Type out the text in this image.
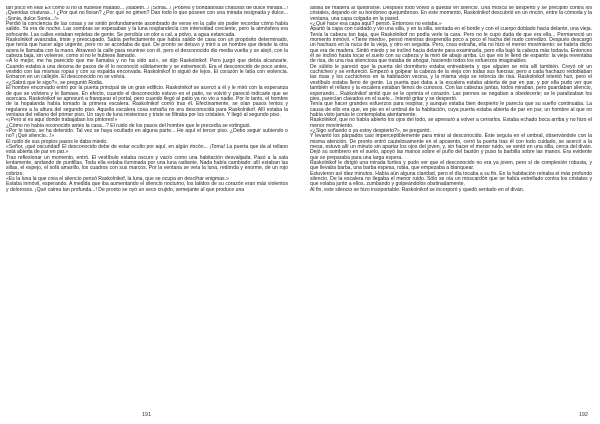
tan poco en ella! Es como si no la hubiese matado... ¡Isabeth...! ¡Sonia...! ¡Pobres y bondadosas criaturas de dulce mirada...! ¡Queridas criaturas...! ¿Por qué no lloran? ¿Por qué no gimen? Dan todo lo que poseen con una mirada resignada y dulce... ¡Sonia, dulce Sonia...!»

Perdió la conciencia de las cosas y se sintió profundamente asombrado de verse en la calle sin poder recordar cómo había salido. Ya era de noche. Las sombras se espesaban y la luna resplandecía con intensidad creciente, pero la atmósfera era sofocante. Las calles estaban repletas de gente. Se percibía un olor a cal, a polvo, a agua estancada.

Raskolnikof avanzaba, triste y preocupado. Sabía perfectamente que había salido de casa con un propósito determinado, que tenía que hacer algo urgente, pero no se acordaba de qué. De pronto se detuvo y miró a un hombre que desde la otra acera le llamaba con la mano. Atravesó la calle para reunirse con él, pero el desconocido dio media vuelta y se alejó, con la cabeza baja, sin volverse, como si no le hubiese llamado.

«A lo mejor, me ha parecido que me llamaba y no ha sido así», se dijo Raskolnikof. Pero juzgó que debía alcanzarle. Cuando estaba a una decena de pasos de él lo reconoció súbitamente y se estremeció. Era el desconocido de poco antes, vestido con las mismas ropas y con su espalda encorvada. Raskolnikof lo siguió de lejos. El corazón le latía con violencia. Entraron en un callejón. El desconocido no se volvía.

«¿Sabrá que le sigo?», se preguntó Rodia.

El hombre encorvado entró por la puerta principal de un gran edificio. Raskolnikof se acercó a él y le miró con la esperanza de que se volviera y le llamase. En efecto, cuando el desconocido estuvo en el patio, se volvió y pareció indicarle que se acercara. Raskolnikof se apresuró a franquear el portal, pero cuando llegó al patio ya no vio a nadie. Por lo tanto, el hombre de la hopalanda había tomado la primera escalera. Raskolnikof corrió tras él. Efectivamente, se oían pasos lentos y regulares a la altura del segundo piso. Aquella escalera cosa extraña no era desconocida para Raskolnikof. Allí estaba la ventana del rellano del primer piso. Un rayo de luna misterioso y triste se filtraba por los cristales. Y llegó al segundo piso.

«¡Pero si es aquí donde trabajaban los pintores!»

¿Cómo no había reconocido antes la casa...? El ruido de los pasos del hombre que le precedía se extinguió.

«Por lo tanto, se ha detenido. Tal vez se haya ocultado en alguna parte... He aquí el tercer piso. ¿Debo seguir subiendo o no? ¡Qué silencio...!»

El ruido de sus propios pasos le daba miedo.

«Señor, ¡qué oscuridad! El desconocido debe de estar oculto por aquí, en algún rincón... ¡Toma! La puerta que da al rellano está abierta de par en par.»

Tras reflexionar un momento, entró. El vestíbulo estaba oscuro y vacío como una habitación desvalijada. Pasó a la sala lentamente, andando de puntillas. Toda ella estaba iluminada por una luna radiante. Nada había cambiado: allí estaban las sillas, el espejo, el sofá amarillo, los cuadros con sus marcos. Por la ventana se veía la luna, redonda y enorme, de un rojo cobrizo.

«Es la luna la que crea el silencio pensó Raskolnikof, la luna, que se ocupa en descifrar enigmas.»

Estaba inmóvil, esperando. A medida que iba aumentando el silencio nocturno, los latidos de su corazón eran más violentos y dolorosos. ¡Qué calma tan profunda...! De pronto se oyó un seco crujido, semejante al que produce una

191

astilla de madera al quebrarse. Después todo volvió a quedar en silencio. Una mosca se despertó y se precipitó contra los cristales, dejando oír su bordoneo quejumbroso. En este momento, Raskolnikof descubrió en un rincón, entre la cómoda y la ventana, una capa colgada en la pared.

«¿Qué hace esa capa aquí? pensó. Entonces no estaba.»

Apartó la capa con cuidado y vio una silla, y en la silla, sentada en el borde y con el cuerpo doblado hacia delante, una vieja. Tenía la cabeza tan baja, que Raskolnikof no podía verle la cara. Pero no le cupo duda de que era ella... Permaneció un momento inmóvil. «Tiene miedo», pensó mientras desprendía poco a poco el hacha del nudo corredizo. Después descargó un hachazo en la nuca de la vieja, y otro en seguida. Pero, cosa extraña, ella no hizo el menor movimiento: se habría dicho que era de madera. Sintió miedo y se inclinó hacia delante para examinarla, pero ella bajó la cabeza más todavía. Entonces él se inclinó hasta tocar el suelo con su cabeza y la miró de abajo arriba. Lo que vio le llenó de espanto: la vieja reventaba de risa, de una risa silenciosa que trataba de ahogar, haciendo todos los esfuerzos imaginables.

De súbito le pareció que la puerta del dormitorio estaba entreabierta y que alguien se reía allí también. Creyó oír un cuchicheo y se enfureció. Empezó a golpear la cabeza de la vieja con todas sus fuerzas; pero a cada hachazo redoblaban las risas y los cuchicheos en la habitación vecina, y la misma vieja se retorcía de risa. Raskolnikof intentó huir, pero el vestíbulo estaba lleno de gente. La puerta que daba a la escalera estaba abierta de par en par, y por ella pudo ver que también el rellano y la escalera estaban llenos de curiosos. Con las cabezas juntas, todos miraban, pero guardaban silencio, esperando... Raskolnikof sintió que se le oprimía el corazón. Las piernes se negaban a obedecerle; se le paralizaban los pies, parecían clavados en el suelo... Intentó gritar y se despertó.

Tenía que hacer grandes esfuerzos para respirar, y aunque estaba bien despierto le parecía que su sueño continuaba. La causa de ello era que, en pie en el umbral de la habitación, cuya puerta estaba abierta de par en par, un hombre al que no había visto jamás le contemplaba atentamente.

Raskolnikof, que no había abierto los ojos del todo, se apresuró a volver a cerrarlos. Estaba echado boca arriba y no hizo el menor movimiento.

«¿Sigo soñando o ya estoy despierto?», se preguntó.

Y levantó los párpados casi imperceptiblemente para mirar al desconocido. Éste seguía en el umbral, observándole con la misma atención. De pronto entró cautelosamente en el aposento, cerró la puerta tras él con todo cuidado, se acercó a la mesa, estuvo allí un minuto sin apartar los ojos del joven, y, sin hacer el menor ruido, se sentó en una silla, cerca del diván. Dejó su sombrero en el suelo, apoyó las manos sobre el puño del bastón y puso la barbilla sobre las manos. Era evidente que se preparaba para una larga espera.

Raskolnikof le dirigió una mirada furtiva y pudo ver que el desconocido no era ya joven, pero sí de complexión robusta, y que llevaba barba, una barba espesa, rubia, que empezaba a blanquear.

Estuvieron así diez minutos. Había aún alguna claridad, pero el día tocaba a su fin. En la habitación reinaba el más profundo silencio. De la escalera no llegaba el menor ruido. Sólo se oía un moscardón que se había estrellado contra los cristales y que volaba junto a ellos, zumbando y golpeándolos obstinadamente.

Al fin, este silencio se hizo insoportable. Raskolnikof se incorporó y quedó sentado en el diván.

192
